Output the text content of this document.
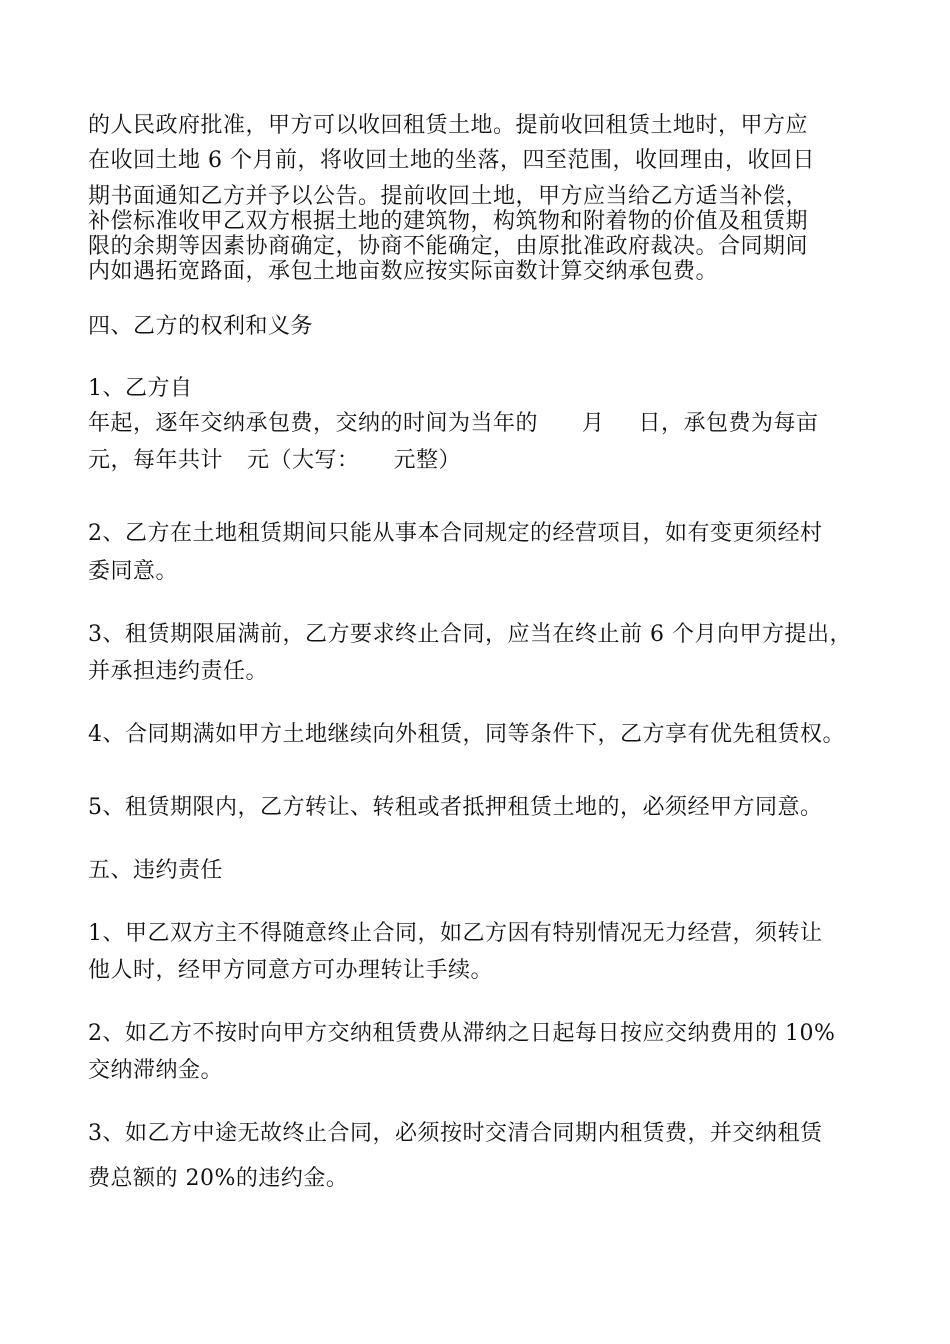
的人民政府批准，甲方可以收回租赁土地。提前收回租赁土地时，甲方应
在收回土地 6 个月前，将收回土地的坐落，四至范围，收回理由，收回日
期书面通知乙方并予以公告。提前收回土地，甲方应当给乙方适当补偿，
补偿标准收甲乙双方根据土地的建筑物，构筑物和附着物的价值及租赁期
限的余期等因素协商确定，协商不能确定，由原批准政府裁决。合同期间
内如遇拓宽路面，承包土地亩数应按实际亩数计算交纳承包费。
四、乙方的权利和义务
1、乙方自
年起，逐年交纳承包费，交纳的时间为当年的 月 日，承包费为每亩
元，每年共计 元（大写： 元整）
2、乙方在土地租赁期间只能从事本合同规定的经营项目，如有变更须经村
委同意。
3、租赁期限届满前，乙方要求终止合同，应当在终止前 6 个月向甲方提出，
并承担违约责任。
4、合同期满如甲方土地继续向外租赁，同等条件下，乙方享有优先租赁权。
5、租赁期限内，乙方转让、转租或者抵押租赁土地的，必须经甲方同意。
五、违约责任
1、甲乙双方主不得随意终止合同，如乙方因有特别情况无力经营，须转让
他人时，经甲方同意方可办理转让手续。
2、如乙方不按时向甲方交纳租赁费从滞纳之日起每日按应交纳费用的 10%
交纳滞纳金。
3、如乙方中途无故终止合同，必须按时交清合同期内租赁费，并交纳租赁
费总额的 20%的违约金。
